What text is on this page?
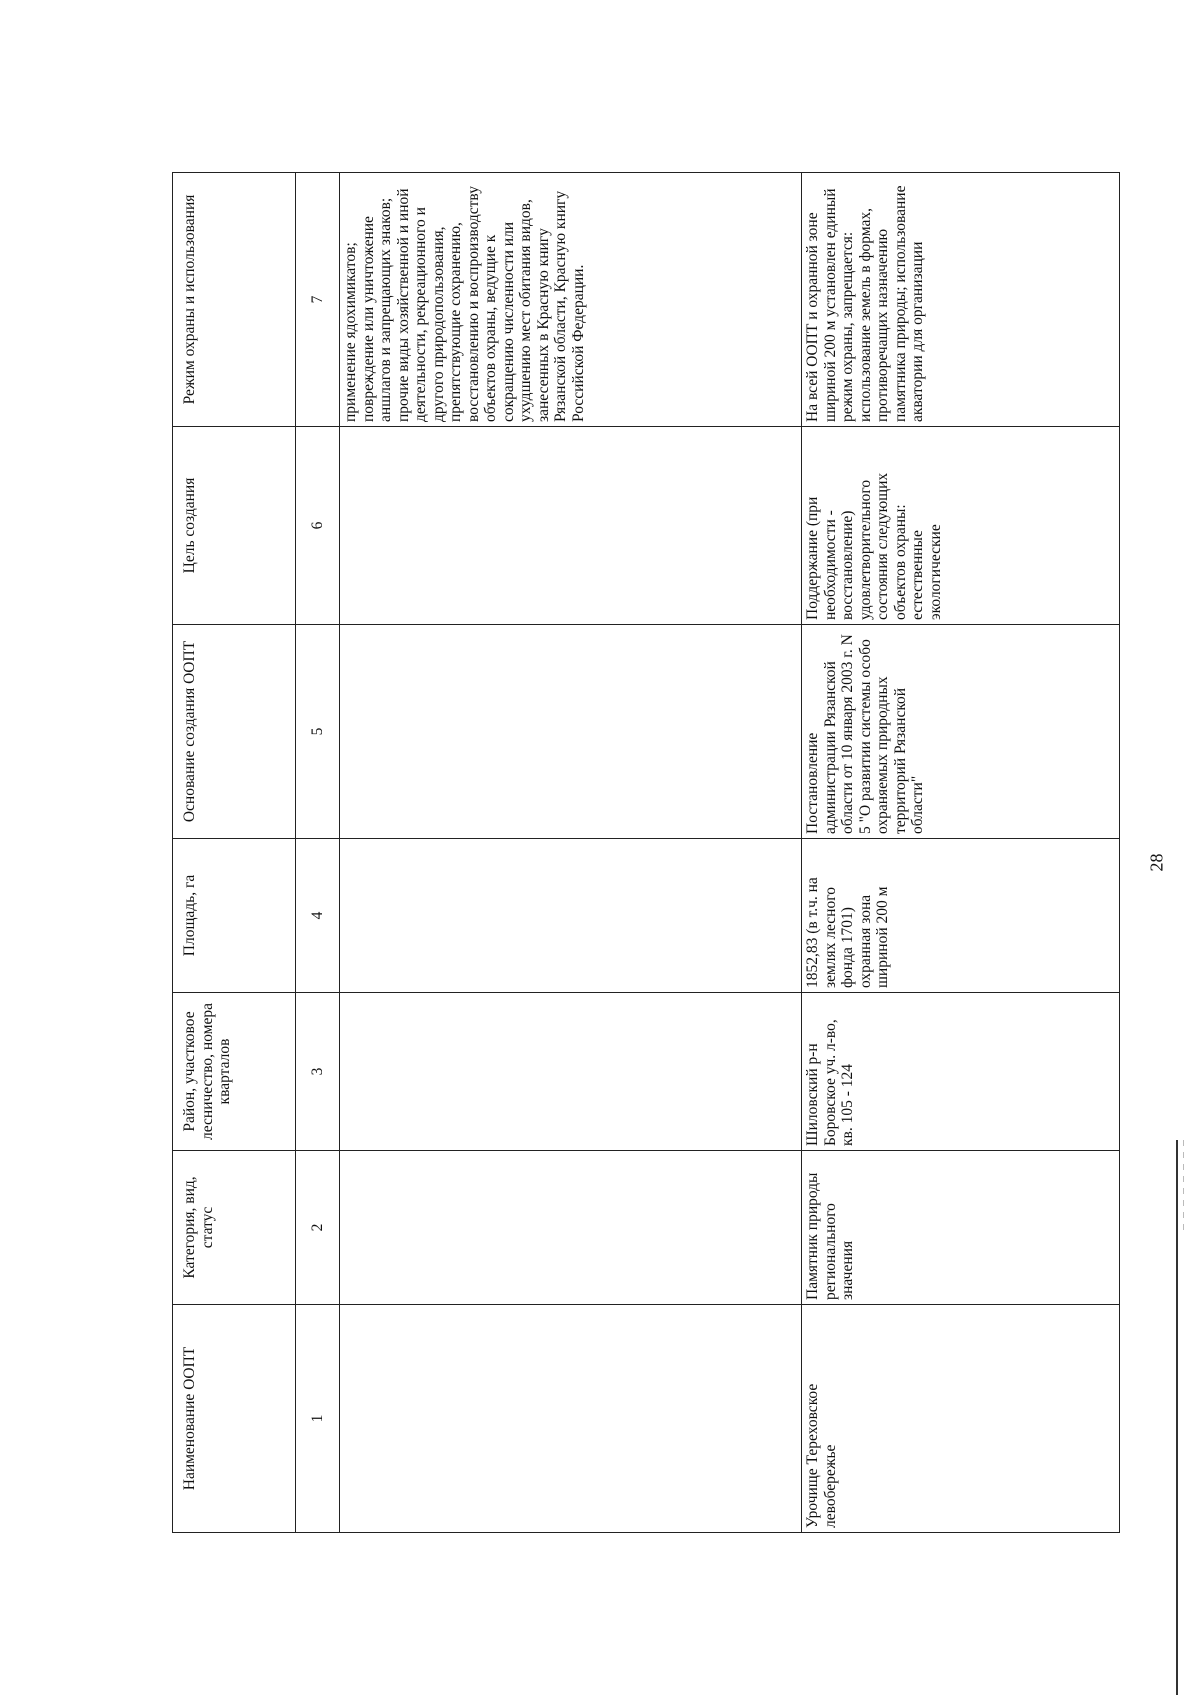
Наименование ООПТ	Категория, вид, статус	Район, участковое лесничество, номера кварталов	Площадь, га	Основание создания ООПТ	Цель создания	Режим охраны и использования
1	2	3	4	5	6	7
						применение ядохимикатов; повреждение или уничтожение аншлагов и запрещающих знаков; прочие виды хозяйственной и иной деятельности, рекреационного и другого природопользования, препятствующие сохранению, восстановлению и воспроизводству объектов охраны, ведущие к сокращению численности или ухудшению мест обитания видов, занесенных в Красную книгу Рязанской области, Красную книгу Российской Федерации.
Урочище Тереховское левобережье	Памятник природы регионального значения	Шиловский р-н Боровское уч. л-во, кв. 105 - 124	1852,83 (в т.ч. на землях лесного фонда 1701) охранная зона шириной 200 м	Постановление администрации Рязанской области от 10 января 2003 г. N 5 "О развитии системы особо охраняемых природных территорий Рязанской области"	Поддержание (при необходимости - восстановление) удовлетворительного состояния следующих объектов охраны: естественные экологические	На всей ООПТ и охранной зоне шириной 200 м установлен единый режим охраны, запрещается: использование земель в формах, противоречащих назначению памятника природы; использование акватории для организации
28
